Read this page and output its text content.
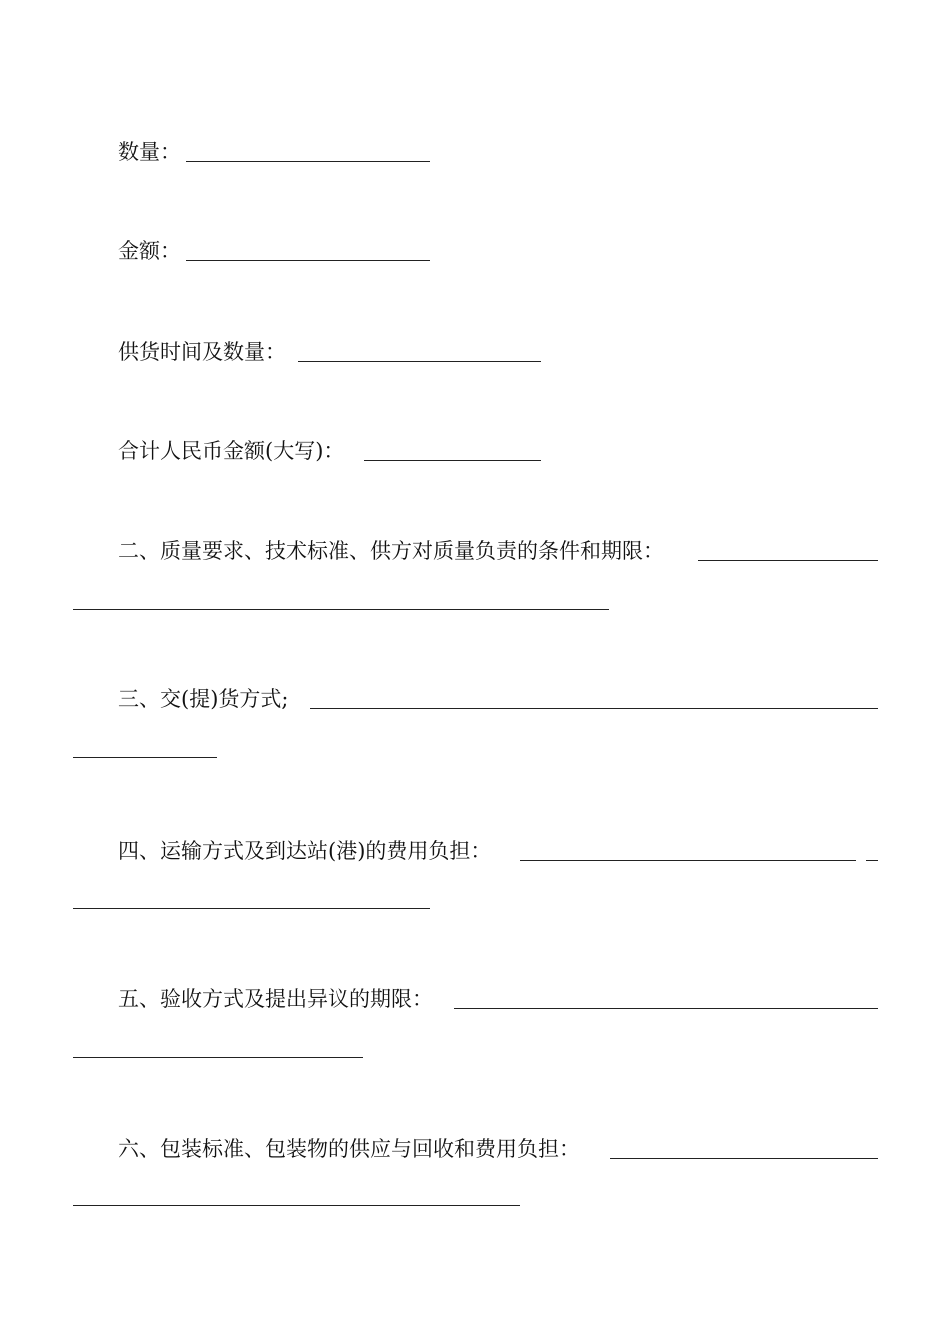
数量：
金额：
供货时间及数量：
合计人民币金额(大写)：
二、质量要求、技术标准、供方对质量负责的条件和期限：
三、交(提)货方式;
四、运输方式及到达站(港)的费用负担：
五、验收方式及提出异议的期限：
六、包装标准、包装物的供应与回收和费用负担：
